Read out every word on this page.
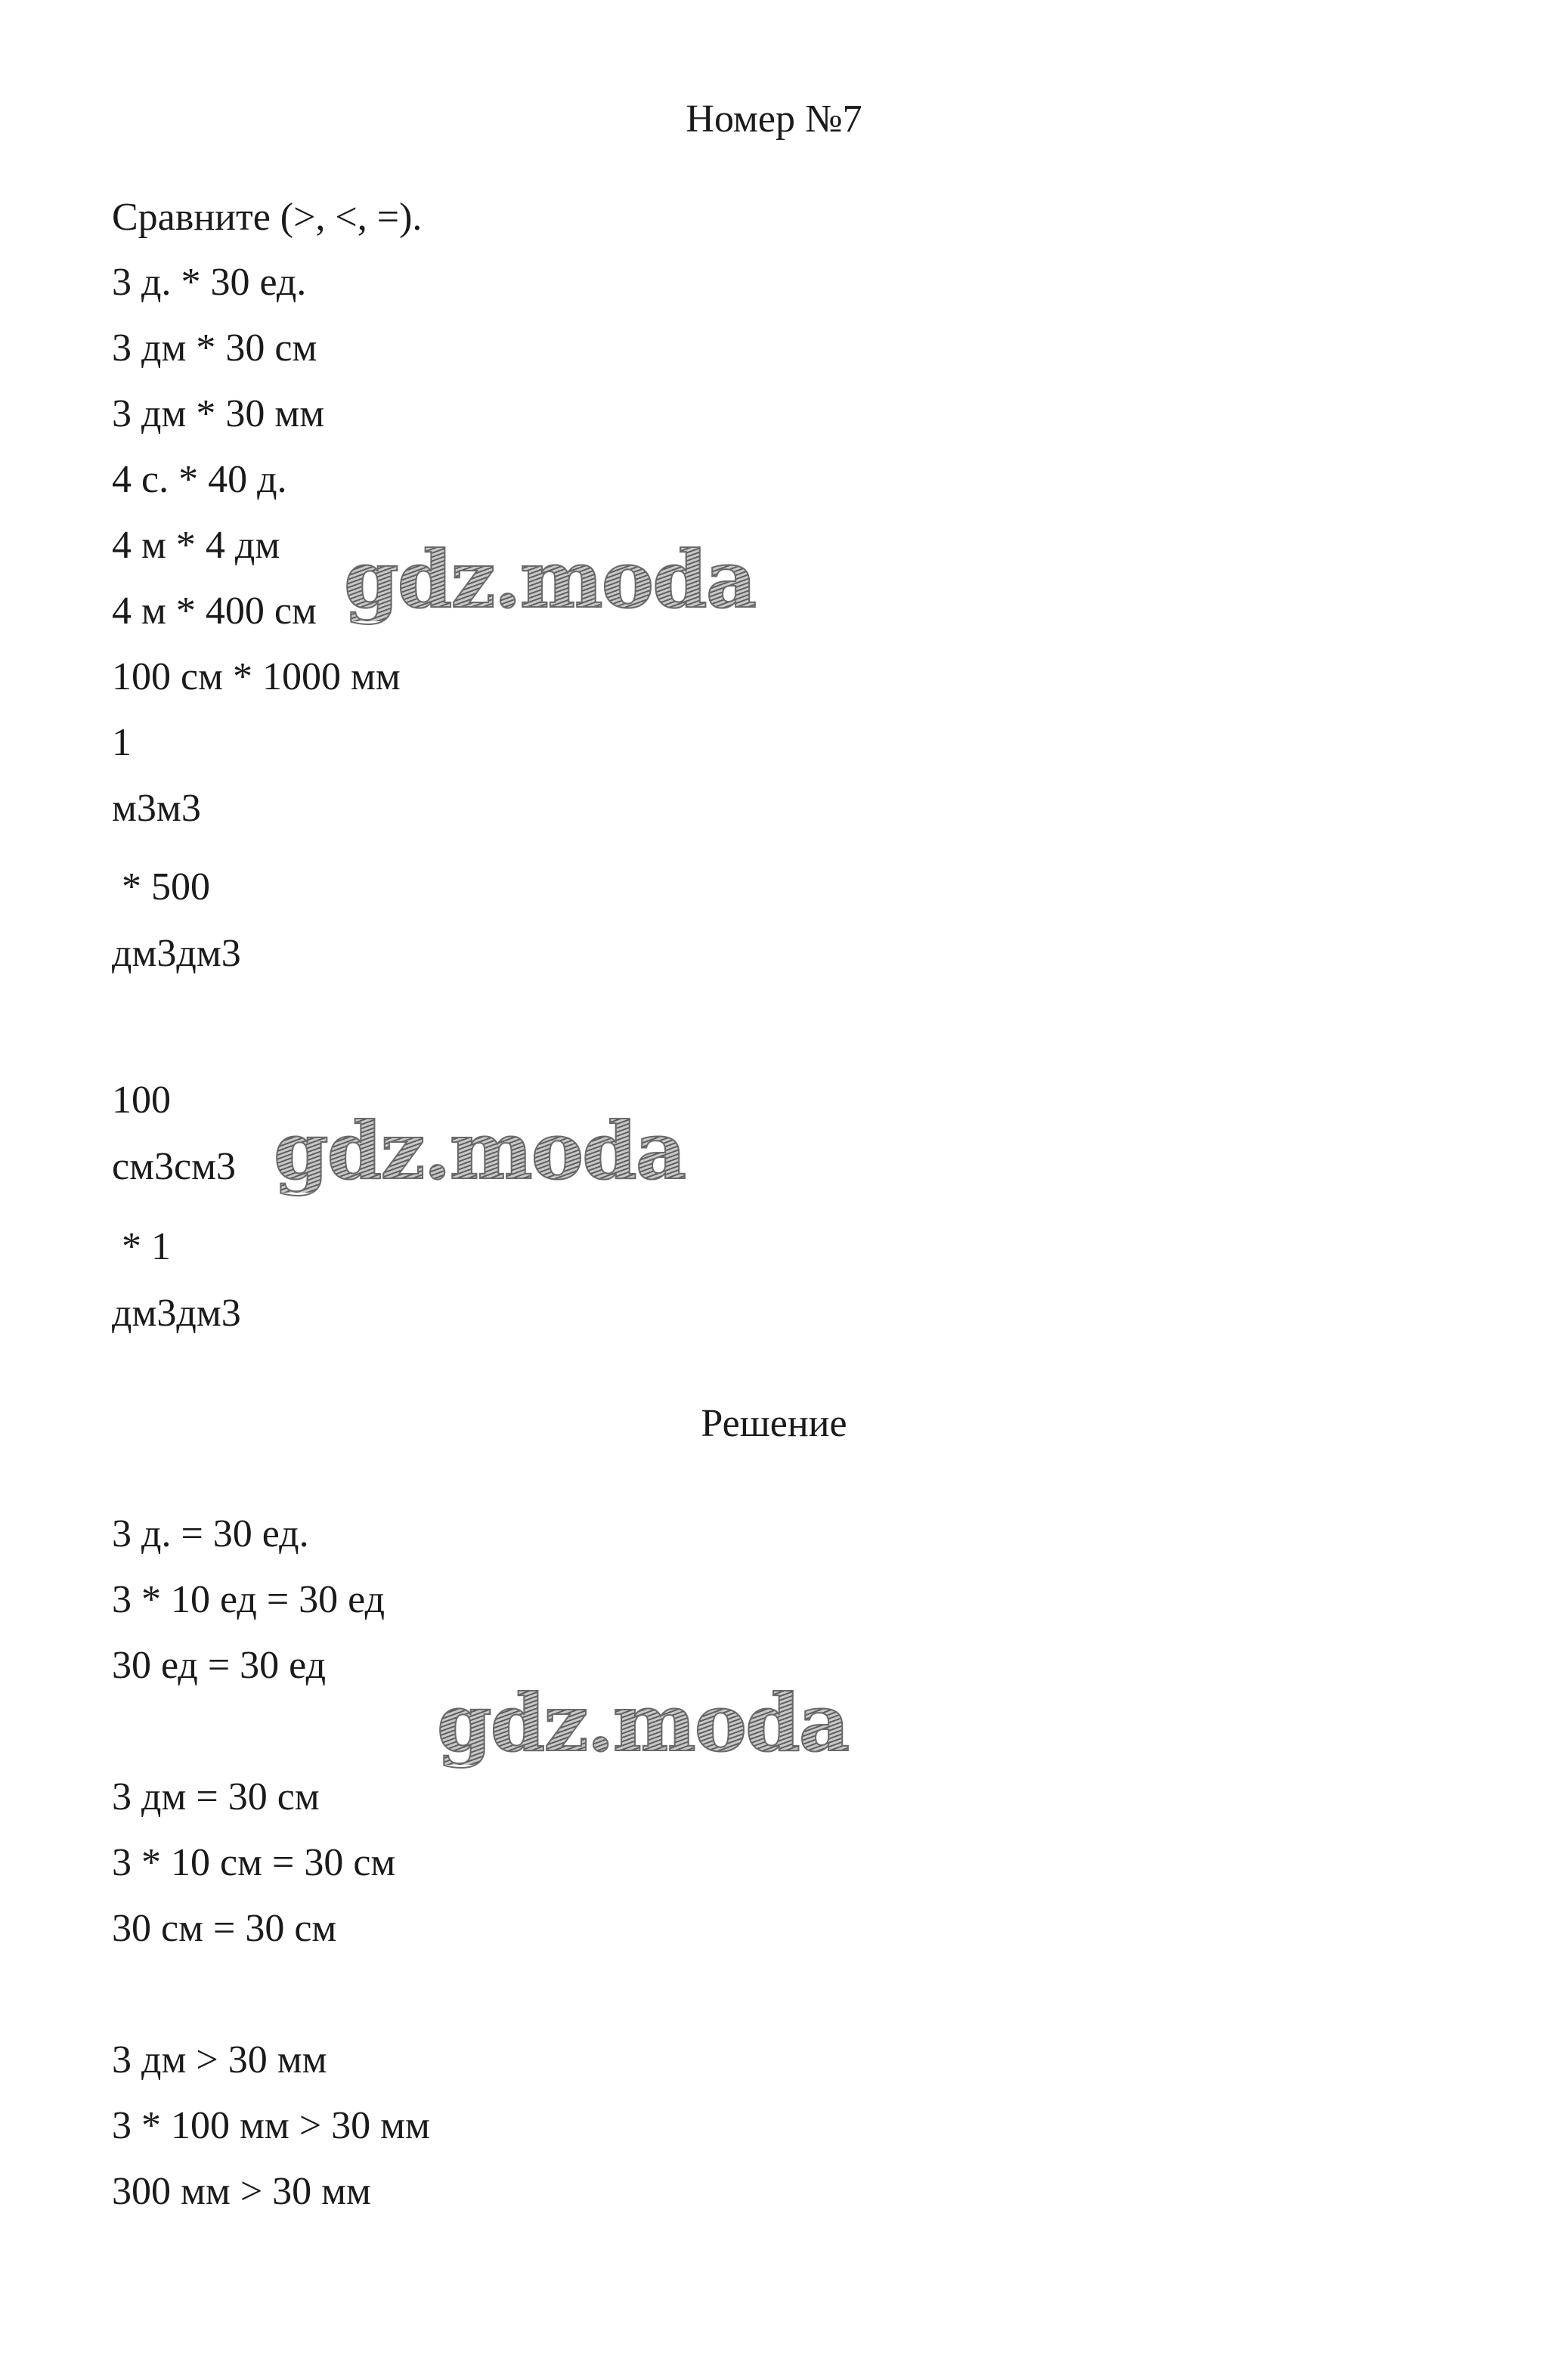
Номер №7
Сравните (>, <, =).
3 д. * 30 ед.
3 дм * 30 см
3 дм * 30 мм
4 с. * 40 д.
4 м * 4 дм
4 м * 400 см
100 см * 1000 мм
1
м3м3
* 500
дм3дм3
100
см3см3
* 1
дм3дм3
Решение
3 д. = 30 ед.
3 * 10 ед = 30 ед
30 ед = 30 ед
3 дм = 30 см
3 * 10 см = 30 см
30 см = 30 см
3 дм > 30 мм
3 * 100 мм > 30 мм
300 мм > 30 мм
gdz.moda
gdz.moda
gdz.moda
